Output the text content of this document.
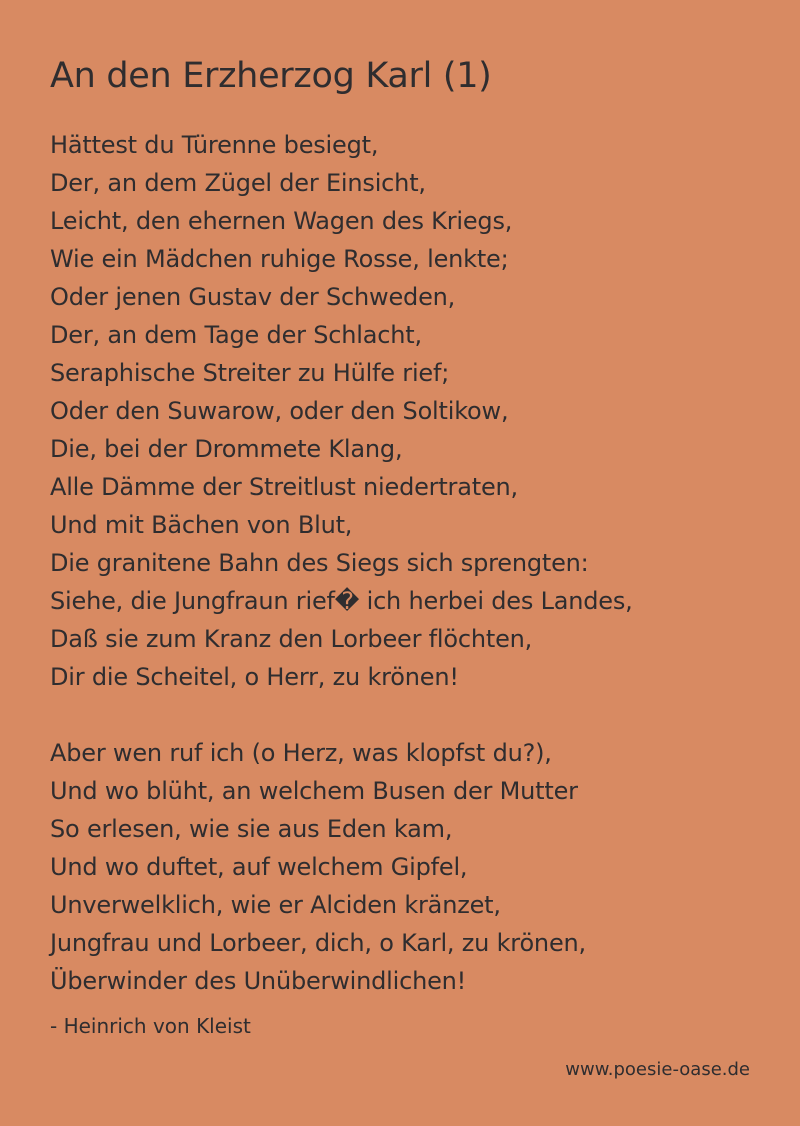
An den Erzherzog Karl (1)

Hättest du Türenne besiegt,
Der, an dem Zügel der Einsicht,
Leicht, den ehernen Wagen des Kriegs,
Wie ein Mädchen ruhige Rosse, lenkte;
Oder jenen Gustav der Schweden,
Der, an dem Tage der Schlacht,
Seraphische Streiter zu Hülfe rief;
Oder den Suwarow, oder den Soltikow,
Die, bei der Drommete Klang,
Alle Dämme der Streitlust niedertraten,
Und mit Bächen von Blut,
Die granitene Bahn des Siegs sich sprengten:
Siehe, die Jungfraun rief� ich herbei des Landes,
Daß sie zum Kranz den Lorbeer flöchten,
Dir die Scheitel, o Herr, zu krönen!

Aber wen ruf ich (o Herz, was klopfst du?),
Und wo blüht, an welchem Busen der Mutter
So erlesen, wie sie aus Eden kam,
Und wo duftet, auf welchem Gipfel,
Unverwelklich, wie er Alciden kränzet,
Jungfrau und Lorbeer, dich, o Karl, zu krönen,
Überwinder des Unüberwindlichen!

- Heinrich von Kleist
www.poesie-oase.de
